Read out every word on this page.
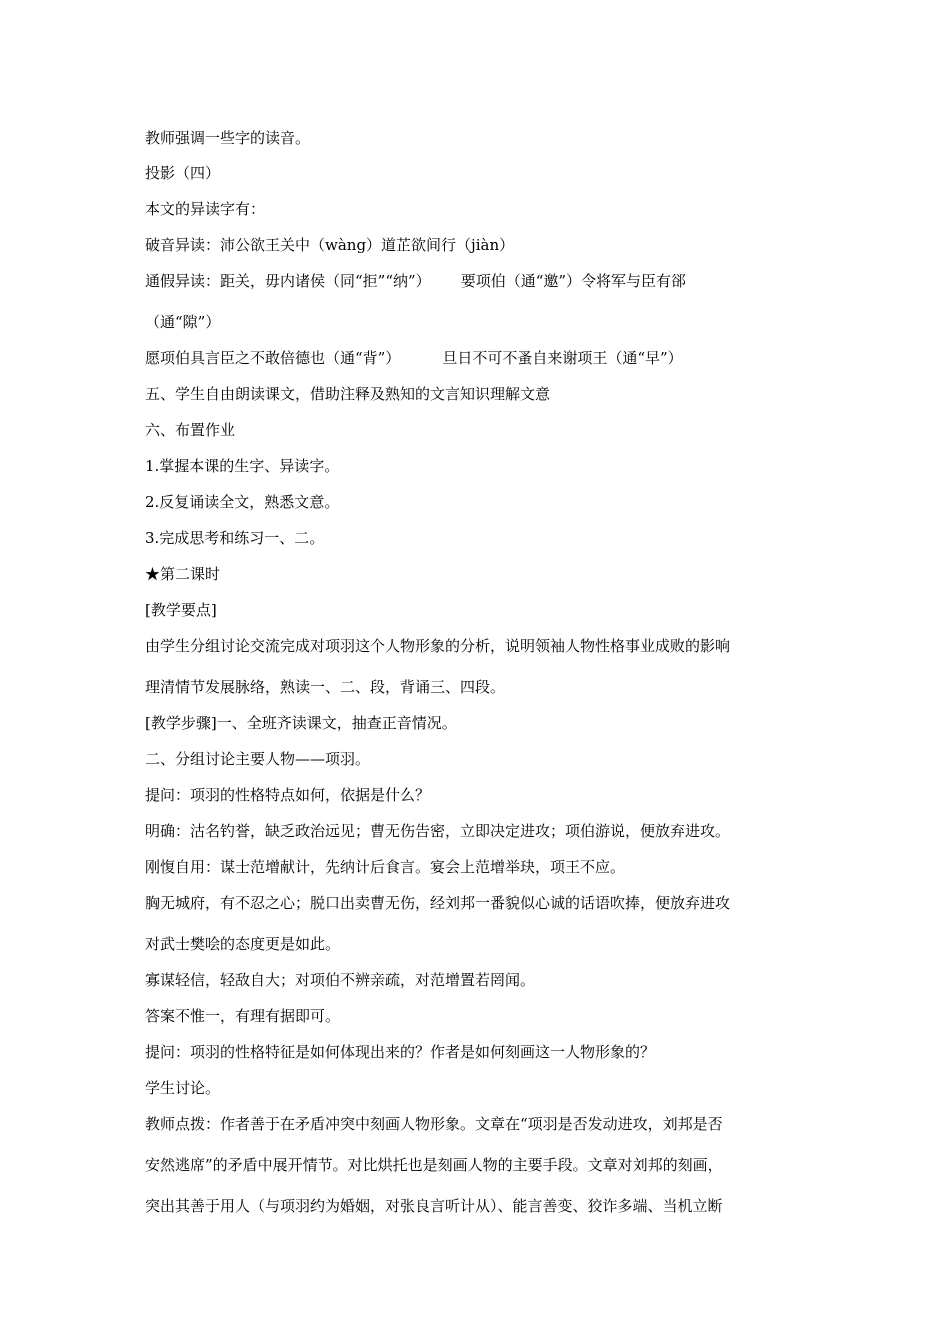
教师强调一些字的读音。
投影（四）
本文的异读字有：
破音异读：沛公欲王关中（wàng）道芷欲间行（jiàn）
通假异读：距关，毋内诸侯（同“拒”“纳”） 要项伯（通“邀”）令将军与臣有郤
（通“隙”）
愿项伯具言臣之不敢倍德也（通“背”）	旦日不可不蚤自来谢项王（通“早”）
五、学生自由朗读课文，借助注释及熟知的文言知识理解文意
六、布置作业
1.掌握本课的生字、异读字。
2.反复诵读全文，熟悉文意。
3.完成思考和练习一、二。
★第二课时
[教学要点]
由学生分组讨论交流完成对项羽这个人物形象的分析，说明领袖人物性格事业成败的影响
理清情节发展脉络，熟读一、二、段，背诵三、四段。
[教学步骤]一、全班齐读课文，抽查正音情况。
二、分组讨论主要人物——项羽。
提问：项羽的性格特点如何，依据是什么？
明确：沽名钓誉，缺乏政治远见；曹无伤告密，立即决定进攻；项伯游说，便放弃进攻。
刚愎自用：谋士范增献计，先纳计后食言。宴会上范增举玦，项王不应。
胸无城府，有不忍之心；脱口出卖曹无伤，经刘邦一番貌似心诚的话语吹捧，便放弃进攻
对武士樊哙的态度更是如此。
寡谋轻信，轻敌自大；对项伯不辨亲疏，对范增置若罔闻。
答案不惟一，有理有据即可。
提问：项羽的性格特征是如何体现出来的？作者是如何刻画这一人物形象的？
学生讨论。
教师点拨：作者善于在矛盾冲突中刻画人物形象。文章在“项羽是否发动进攻，刘邦是否
安然逃席”的矛盾中展开情节。对比烘托也是刻画人物的主要手段。文章对刘邦的刻画，
突出其善于用人（与项羽约为婚姻，对张良言听计从）、能言善变、狡诈多端、当机立断
